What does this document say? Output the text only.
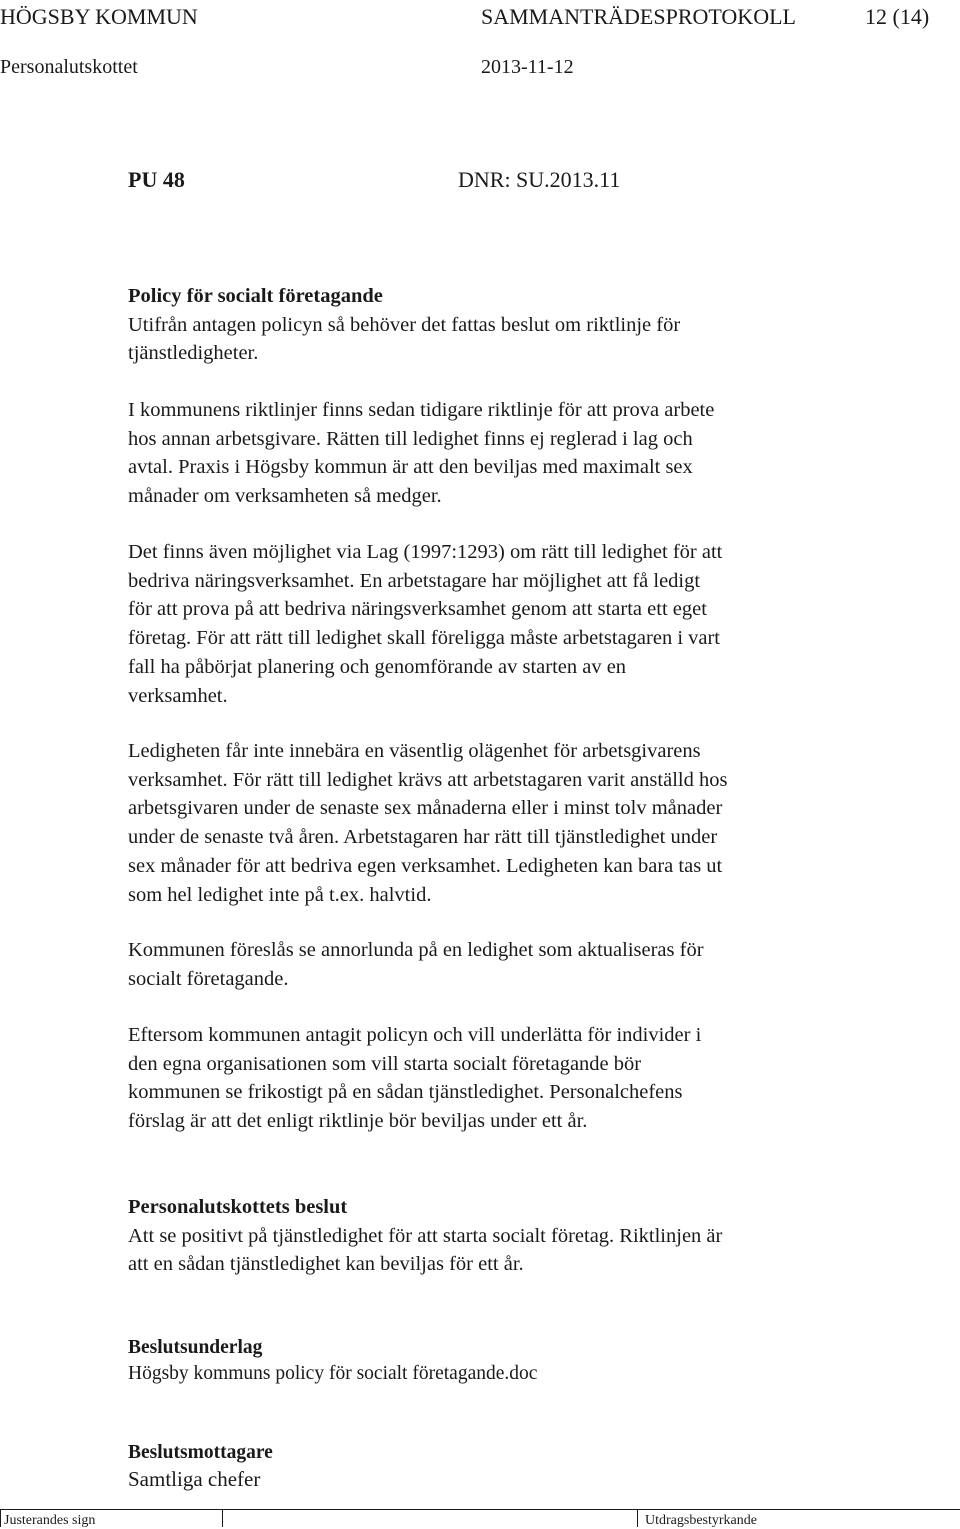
HÖGSBY KOMMUN	SAMMANTRÄDESPROTOKOLL	12 (14)
Personalutskottet	2013-11-12
PU 48	DNR: SU.2013.11
Policy för socialt företagande
Utifrån antagen policyn så behöver det fattas beslut om riktlinje för
tjänstledigheter.
I kommunens riktlinjer finns sedan tidigare riktlinje för att prova arbete
hos annan arbetsgivare. Rätten till ledighet finns ej reglerad i lag och
avtal. Praxis i Högsby kommun är att den beviljas med maximalt sex
månader om verksamheten så medger.
Det finns även möjlighet via Lag (1997:1293) om rätt till ledighet för att
bedriva näringsverksamhet. En arbetstagare har möjlighet att få ledigt
för att prova på att bedriva näringsverksamhet genom att starta ett eget
företag. För att rätt till ledighet skall föreligga måste arbetstagaren i vart
fall ha påbörjat planering och genomförande av starten av en
verksamhet.
Ledigheten får inte innebära en väsentlig olägenhet för arbetsgivarens
verksamhet. För rätt till ledighet krävs att arbetstagaren varit anställd hos
arbetsgivaren under de senaste sex månaderna eller i minst tolv månader
under de senaste två åren. Arbetstagaren har rätt till tjänstledighet under
sex månader för att bedriva egen verksamhet. Ledigheten kan bara tas ut
som hel ledighet inte på t.ex. halvtid.
Kommunen föreslås se annorlunda på en ledighet som aktualiseras för
socialt företagande.
Eftersom kommunen antagit policyn och vill underlätta för individer i
den egna organisationen som vill starta socialt företagande bör
kommunen se frikostigt på en sådan tjänstledighet. Personalchefens
förslag är att det enligt riktlinje bör beviljas under ett år.
Personalutskottets beslut
Att se positivt på tjänstledighet för att starta socialt företag. Riktlinjen är
att en sådan tjänstledighet kan beviljas för ett år.
Beslutsunderlag
Högsby kommuns policy för socialt företagande.doc
Beslutsmottagare
Samtliga chefer
Justerandes sign	Utdragsbestyrkande
